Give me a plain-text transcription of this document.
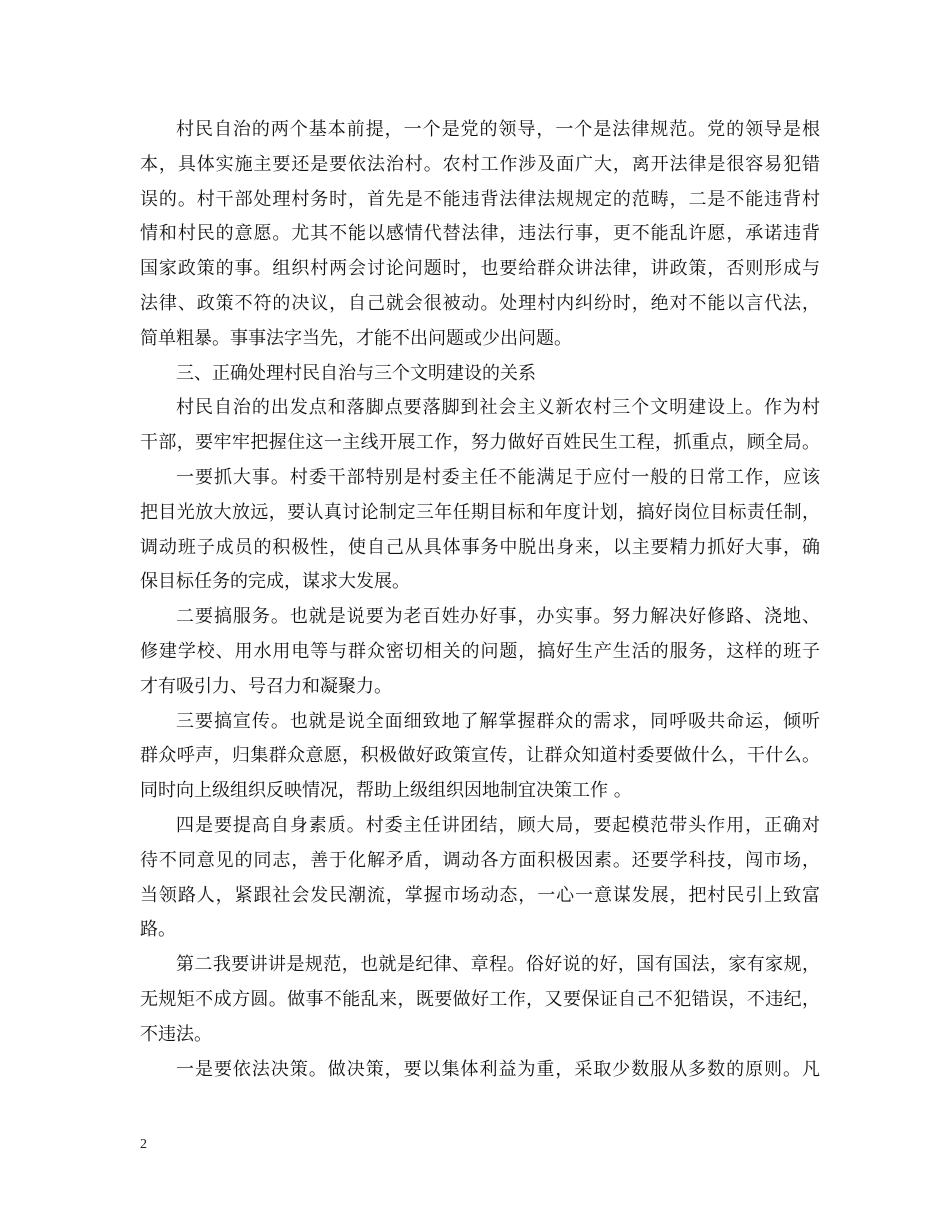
村民自治的两个基本前提，一个是党的领导，一个是法律规范。党的领导是根
本，具体实施主要还是要依法治村。农村工作涉及面广大，离开法律是很容易犯错
误的。村干部处理村务时，首先是不能违背法律法规规定的范畴，二是不能违背村
情和村民的意愿。尤其不能以感情代替法律，违法行事，更不能乱许愿，承诺违背
国家政策的事。组织村两会讨论问题时，也要给群众讲法律，讲政策，否则形成与
法律、政策不符的决议，自己就会很被动。处理村内纠纷时，绝对不能以言代法，
简单粗暴。事事法字当先，才能不出问题或少出问题。
三、正确处理村民自治与三个文明建设的关系
村民自治的出发点和落脚点要落脚到社会主义新农村三个文明建设上。作为村
干部，要牢牢把握住这一主线开展工作，努力做好百姓民生工程，抓重点，顾全局。
一要抓大事。村委干部特别是村委主任不能满足于应付一般的日常工作，应该
把目光放大放远，要认真讨论制定三年任期目标和年度计划，搞好岗位目标责任制，
调动班子成员的积极性，使自己从具体事务中脱出身来，以主要精力抓好大事，确
保目标任务的完成，谋求大发展。
二要搞服务。也就是说要为老百姓办好事，办实事。努力解决好修路、浇地、
修建学校、用水用电等与群众密切相关的问题，搞好生产生活的服务，这样的班子
才有吸引力、号召力和凝聚力。
三要搞宣传。也就是说全面细致地了解掌握群众的需求，同呼吸共命运，倾听
群众呼声，归集群众意愿，积极做好政策宣传，让群众知道村委要做什么，干什么。
同时向上级组织反映情况，帮助上级组织因地制宜决策工作 。
四是要提高自身素质。村委主任讲团结，顾大局，要起模范带头作用，正确对
待不同意见的同志，善于化解矛盾，调动各方面积极因素。还要学科技，闯市场，
当领路人，紧跟社会发民潮流，掌握市场动态，一心一意谋发展，把村民引上致富
路。
第二我要讲讲是规范，也就是纪律、章程。俗好说的好，国有国法，家有家规，
无规矩不成方圆。做事不能乱来，既要做好工作，又要保证自己不犯错误，不违纪，
不违法。
一是要依法决策。做决策，要以集体利益为重，采取少数服从多数的原则。凡
2
